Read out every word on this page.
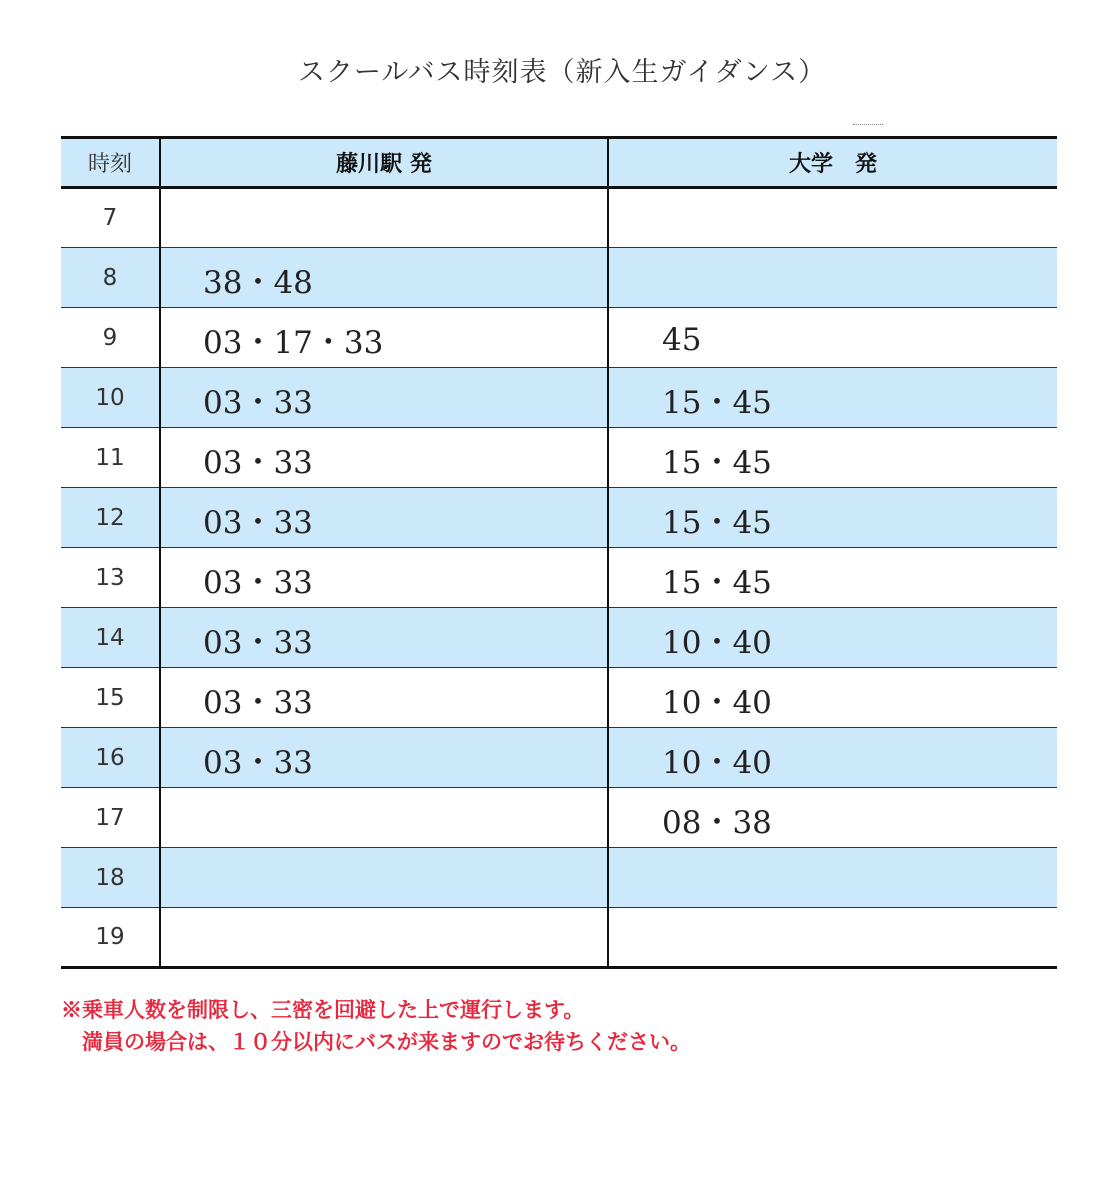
スクールバス時刻表（新入生ガイダンス）
時刻	藤川駅 発	大学　発
7		
8	38・48	
9	03・17・33	45
10	03・33	15・45
11	03・33	15・45
12	03・33	15・45
13	03・33	15・45
14	03・33	10・40
15	03・33	10・40
16	03・33	10・40
17		08・38
18		
19		
※乗車人数を制限し、三密を回避した上で運行します。
満員の場合は、１０分以内にバスが来ますのでお待ちください。
